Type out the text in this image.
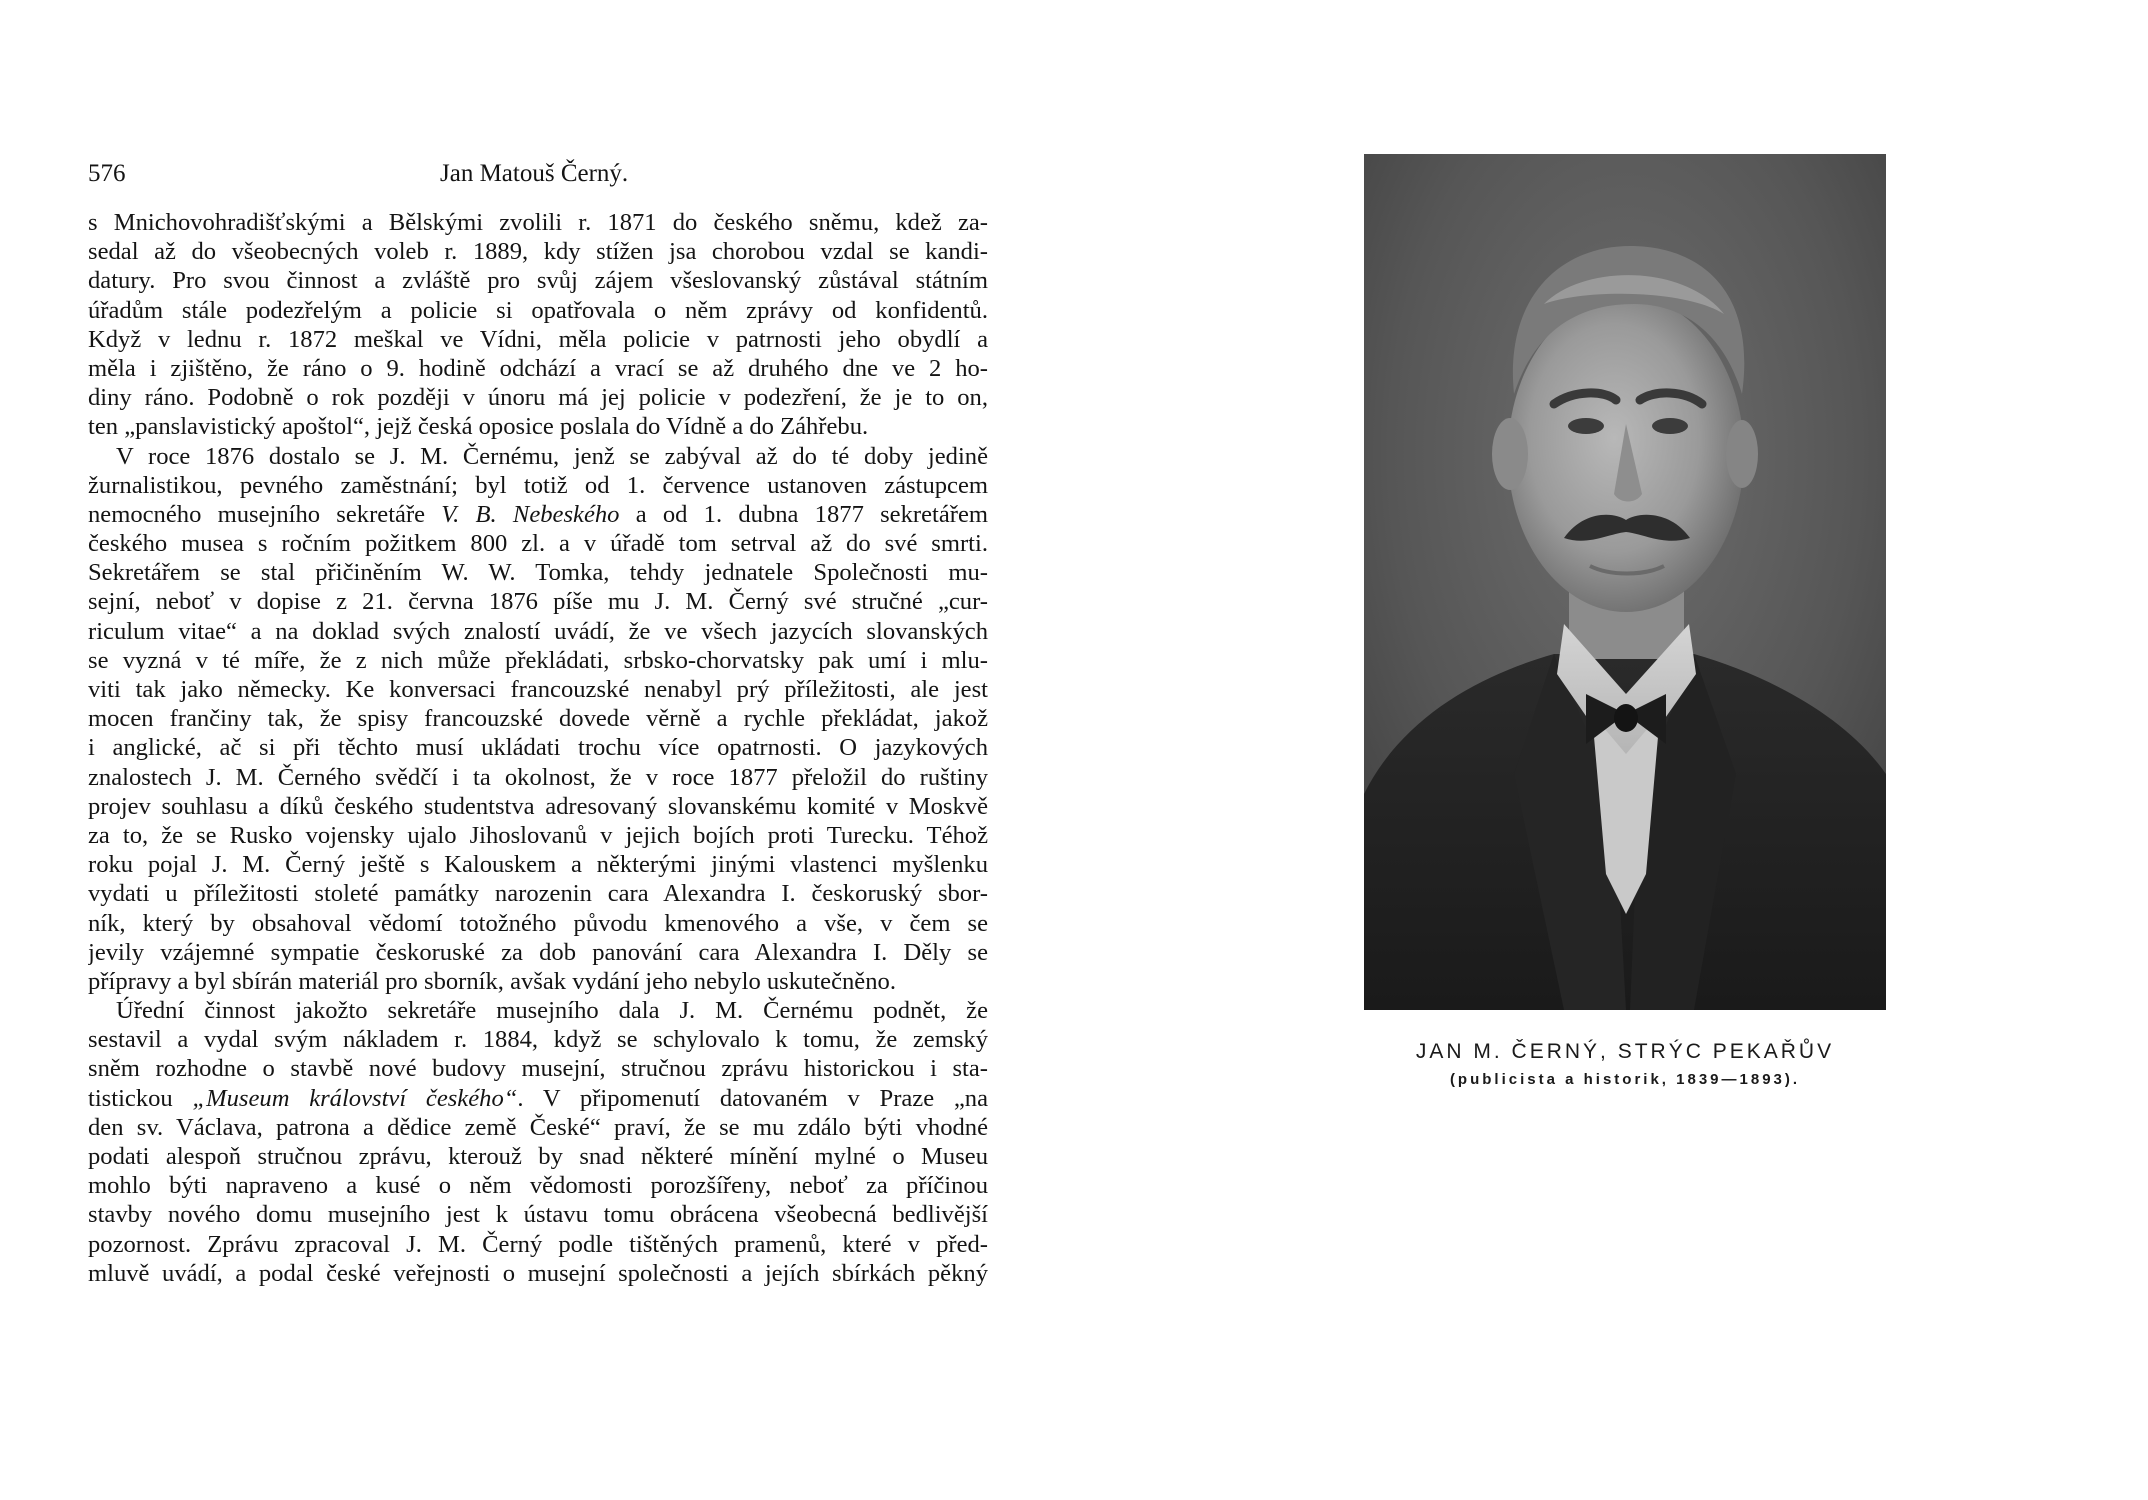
576	Jan Matouš Černý.
s Mnichovohradišťskými a Bělskými zvolili r. 1871 do českého sněmu, kdež za-
sedal až do všeobecných voleb r. 1889, kdy stížen jsa chorobou vzdal se kandi-
datury. Pro svou činnost a zvláště pro svůj zájem všeslovanský zůstával státním
úřadům stále podezřelým a policie si opatřovala o něm zprávy od konfidentů.
Když v lednu r. 1872 meškal ve Vídni, měla policie v patrnosti jeho obydlí a
měla i zjištěno, že ráno o 9. hodině odchází a vrací se až druhého dne ve 2 ho-
diny ráno. Podobně o rok později v únoru má jej policie v podezření, že je to on,
ten „panslavistický apoštol“, jejž česká oposice poslala do Vídně a do Záhřebu.
V roce 1876 dostalo se J. M. Černému, jenž se zabýval až do té doby jedině
žurnalistikou, pevného zaměstnání; byl totiž od 1. července ustanoven zástupcem
nemocného musejního sekretáře V. B. Nebeského a od 1. dubna 1877 sekretářem
českého musea s ročním požitkem 800 zl. a v úřadě tom setrval až do své smrti.
Sekretářem se stal přičiněním W. W. Tomka, tehdy jednatele Společnosti mu-
sejní, neboť v dopise z 21. června 1876 píše mu J. M. Černý své stručné „cur-
riculum vitae“ a na doklad svých znalostí uvádí, že ve všech jazycích slovanských
se vyzná v té míře, že z nich může překládati, srbsko-chorvatsky pak umí i mlu-
viti tak jako německy. Ke konversaci francouzské nenabyl prý příležitosti, ale jest
mocen frančiny tak, že spisy francouzské dovede věrně a rychle překládat, jakož
i anglické, ač si při těchto musí ukládati trochu více opatrnosti. O jazykových
znalostech J. M. Černého svědčí i ta okolnost, že v roce 1877 přeložil do ruštiny
projev souhlasu a díků českého studentstva adresovaný slovanskému komité v Moskvě
za to, že se Rusko vojensky ujalo Jihoslovanů v jejich bojích proti Turecku. Téhož
roku pojal J. M. Černý ještě s Kalouskem a některými jinými vlastenci myšlenku
vydati u příležitosti stoleté památky narozenin cara Alexandra I. českoruský sbor-
ník, který by obsahoval vědomí totožného původu kmenového a vše, v čem se
jevily vzájemné sympatie českoruské za dob panování cara Alexandra I. Děly se
přípravy a byl sbírán materiál pro sborník, avšak vydání jeho nebylo uskutečněno.
Úřední činnost jakožto sekretáře musejního dala J. M. Černému podnět, že
sestavil a vydal svým nákladem r. 1884, když se schylovalo k tomu, že zemský
sněm rozhodne o stavbě nové budovy musejní, stručnou zprávu historickou i sta-
tistickou „Museum království českého“. V připomenutí datovaném v Praze „na
den sv. Václava, patrona a dědice země České“ praví, že se mu zdálo býti vhodné
podati alespoň stručnou zprávu, kterouž by snad některé mínění mylné o Museu
mohlo býti napraveno a kusé o něm vědomosti porozšířeny, neboť za příčinou
stavby nového domu musejního jest k ústavu tomu obrácena všeobecná bedlivější
pozornost. Zprávu zpracoval J. M. Černý podle tištěných pramenů, které v před-
mluvě uvádí, a podal české veřejnosti o musejní společnosti a jejích sbírkách pěkný
JAN M. ČERNÝ, STRÝC PEKAŘŮV
(publicista a historik, 1839—1893).
